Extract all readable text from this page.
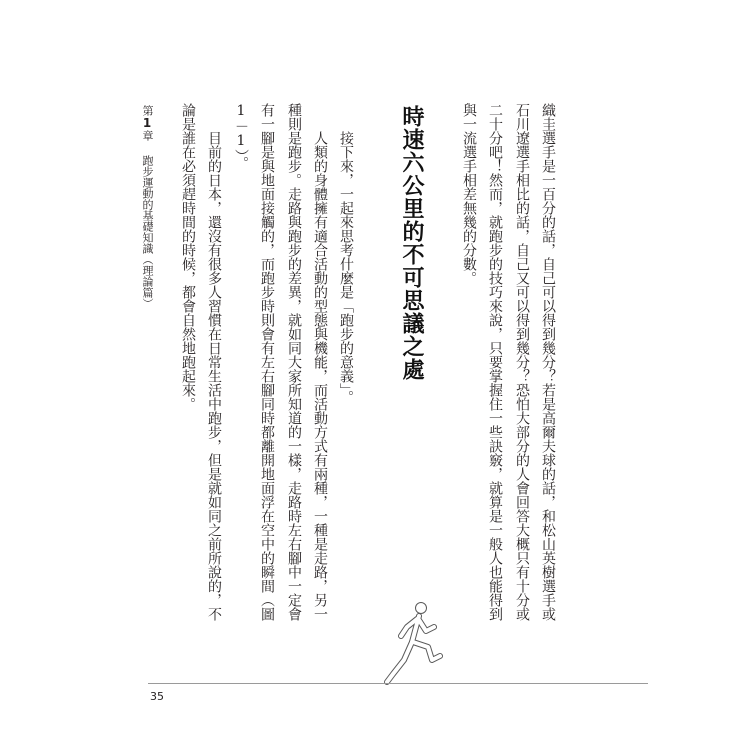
第1章
跑步運動的基礎知識（理論篇）	織圭選手是一百分的話，自己可以得到幾分？若是高爾夫球的話，和松山英樹選手或
石川遼選手相比的話，自己又可以得到幾分？恐怕大部分的人會回答大概只有十分或
二十分吧！然而，就跑步的技巧來說，只要掌握住一些訣竅，就算是一般人也能得到
與一流選手相差無幾的分數。
時速六公里的不可思議之處
接下來，一起來思考什麼是「跑步的意義」。
人類的身體擁有適合活動的型態與機能，而活動方式有兩種，一種是走路，另一
種則是跑步。走路與跑步的差異，就如同大家所知道的一樣，走路時左右腳中一定會
有一腳是與地面接觸的，而跑步時則會有左右腳同時都離開地面浮在空中的瞬間（圖
1－1）。
目前的日本，還沒有很多人習慣在日常生活中跑步，但是就如同之前所說的，不
論是誰在必須趕時間的時候，都會自然地跑起來。
35
